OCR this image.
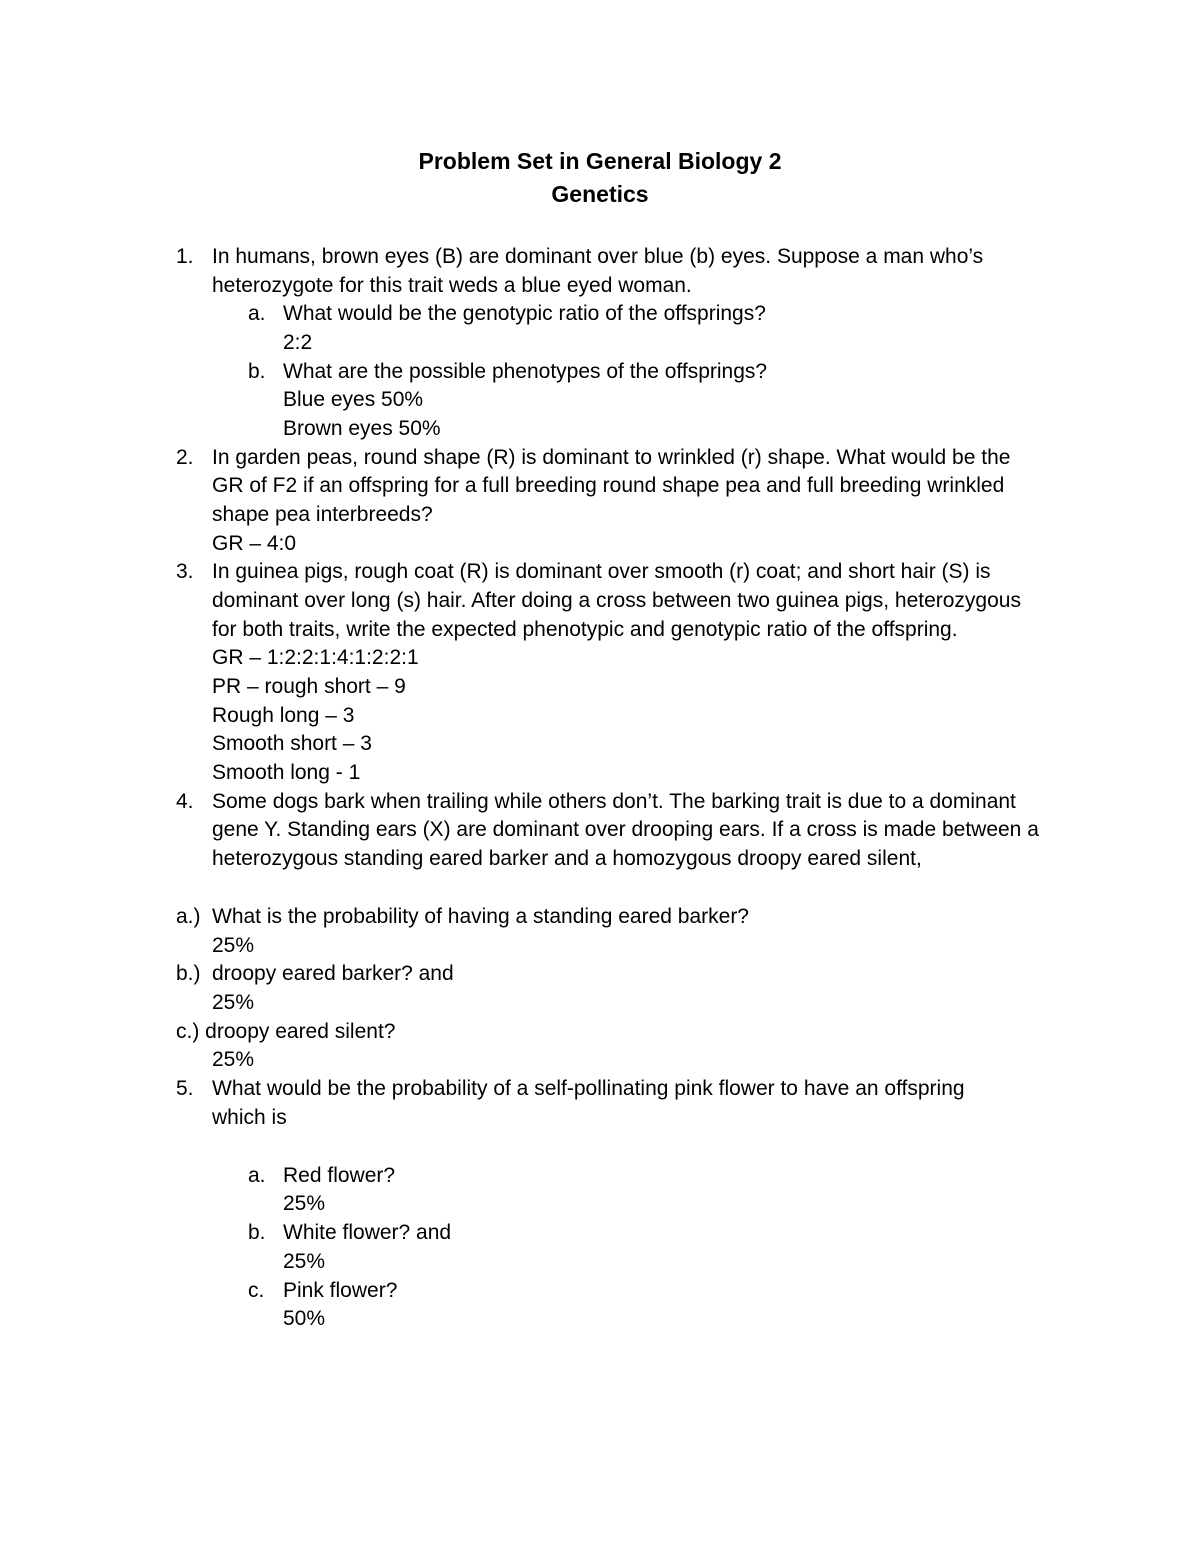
Problem Set in General Biology 2
Genetics
1. In humans, brown eyes (B) are dominant over blue (b) eyes. Suppose a man who’s
heterozygote for this trait weds a blue eyed woman.
a. What would be the genotypic ratio of the offsprings?
2:2
b. What are the possible phenotypes of the offsprings?
Blue eyes 50%
Brown eyes 50%
2. In garden peas, round shape (R) is dominant to wrinkled (r) shape. What would be the
GR of F2 if an offspring for a full breeding round shape pea and full breeding wrinkled
shape pea interbreeds?
GR – 4:0
3. In guinea pigs, rough coat (R) is dominant over smooth (r) coat; and short hair (S) is
dominant over long (s) hair. After doing a cross between two guinea pigs, heterozygous
for both traits, write the expected phenotypic and genotypic ratio of the offspring.
GR – 1:2:2:1:4:1:2:2:1
PR – rough short – 9
Rough long – 3
Smooth short – 3
Smooth long - 1
4. Some dogs bark when trailing while others don’t. The barking trait is due to a dominant
gene Y. Standing ears (X) are dominant over drooping ears. If a cross is made between a
heterozygous standing eared barker and a homozygous droopy eared silent,
a.) What is the probability of having a standing eared barker?
25%
b.) droopy eared barker? and
25%
c.) droopy eared silent?
25%
5. What would be the probability of a self-pollinating pink flower to have an offspring
which is
a. Red flower?
25%
b. White flower? and
25%
c. Pink flower?
50%
